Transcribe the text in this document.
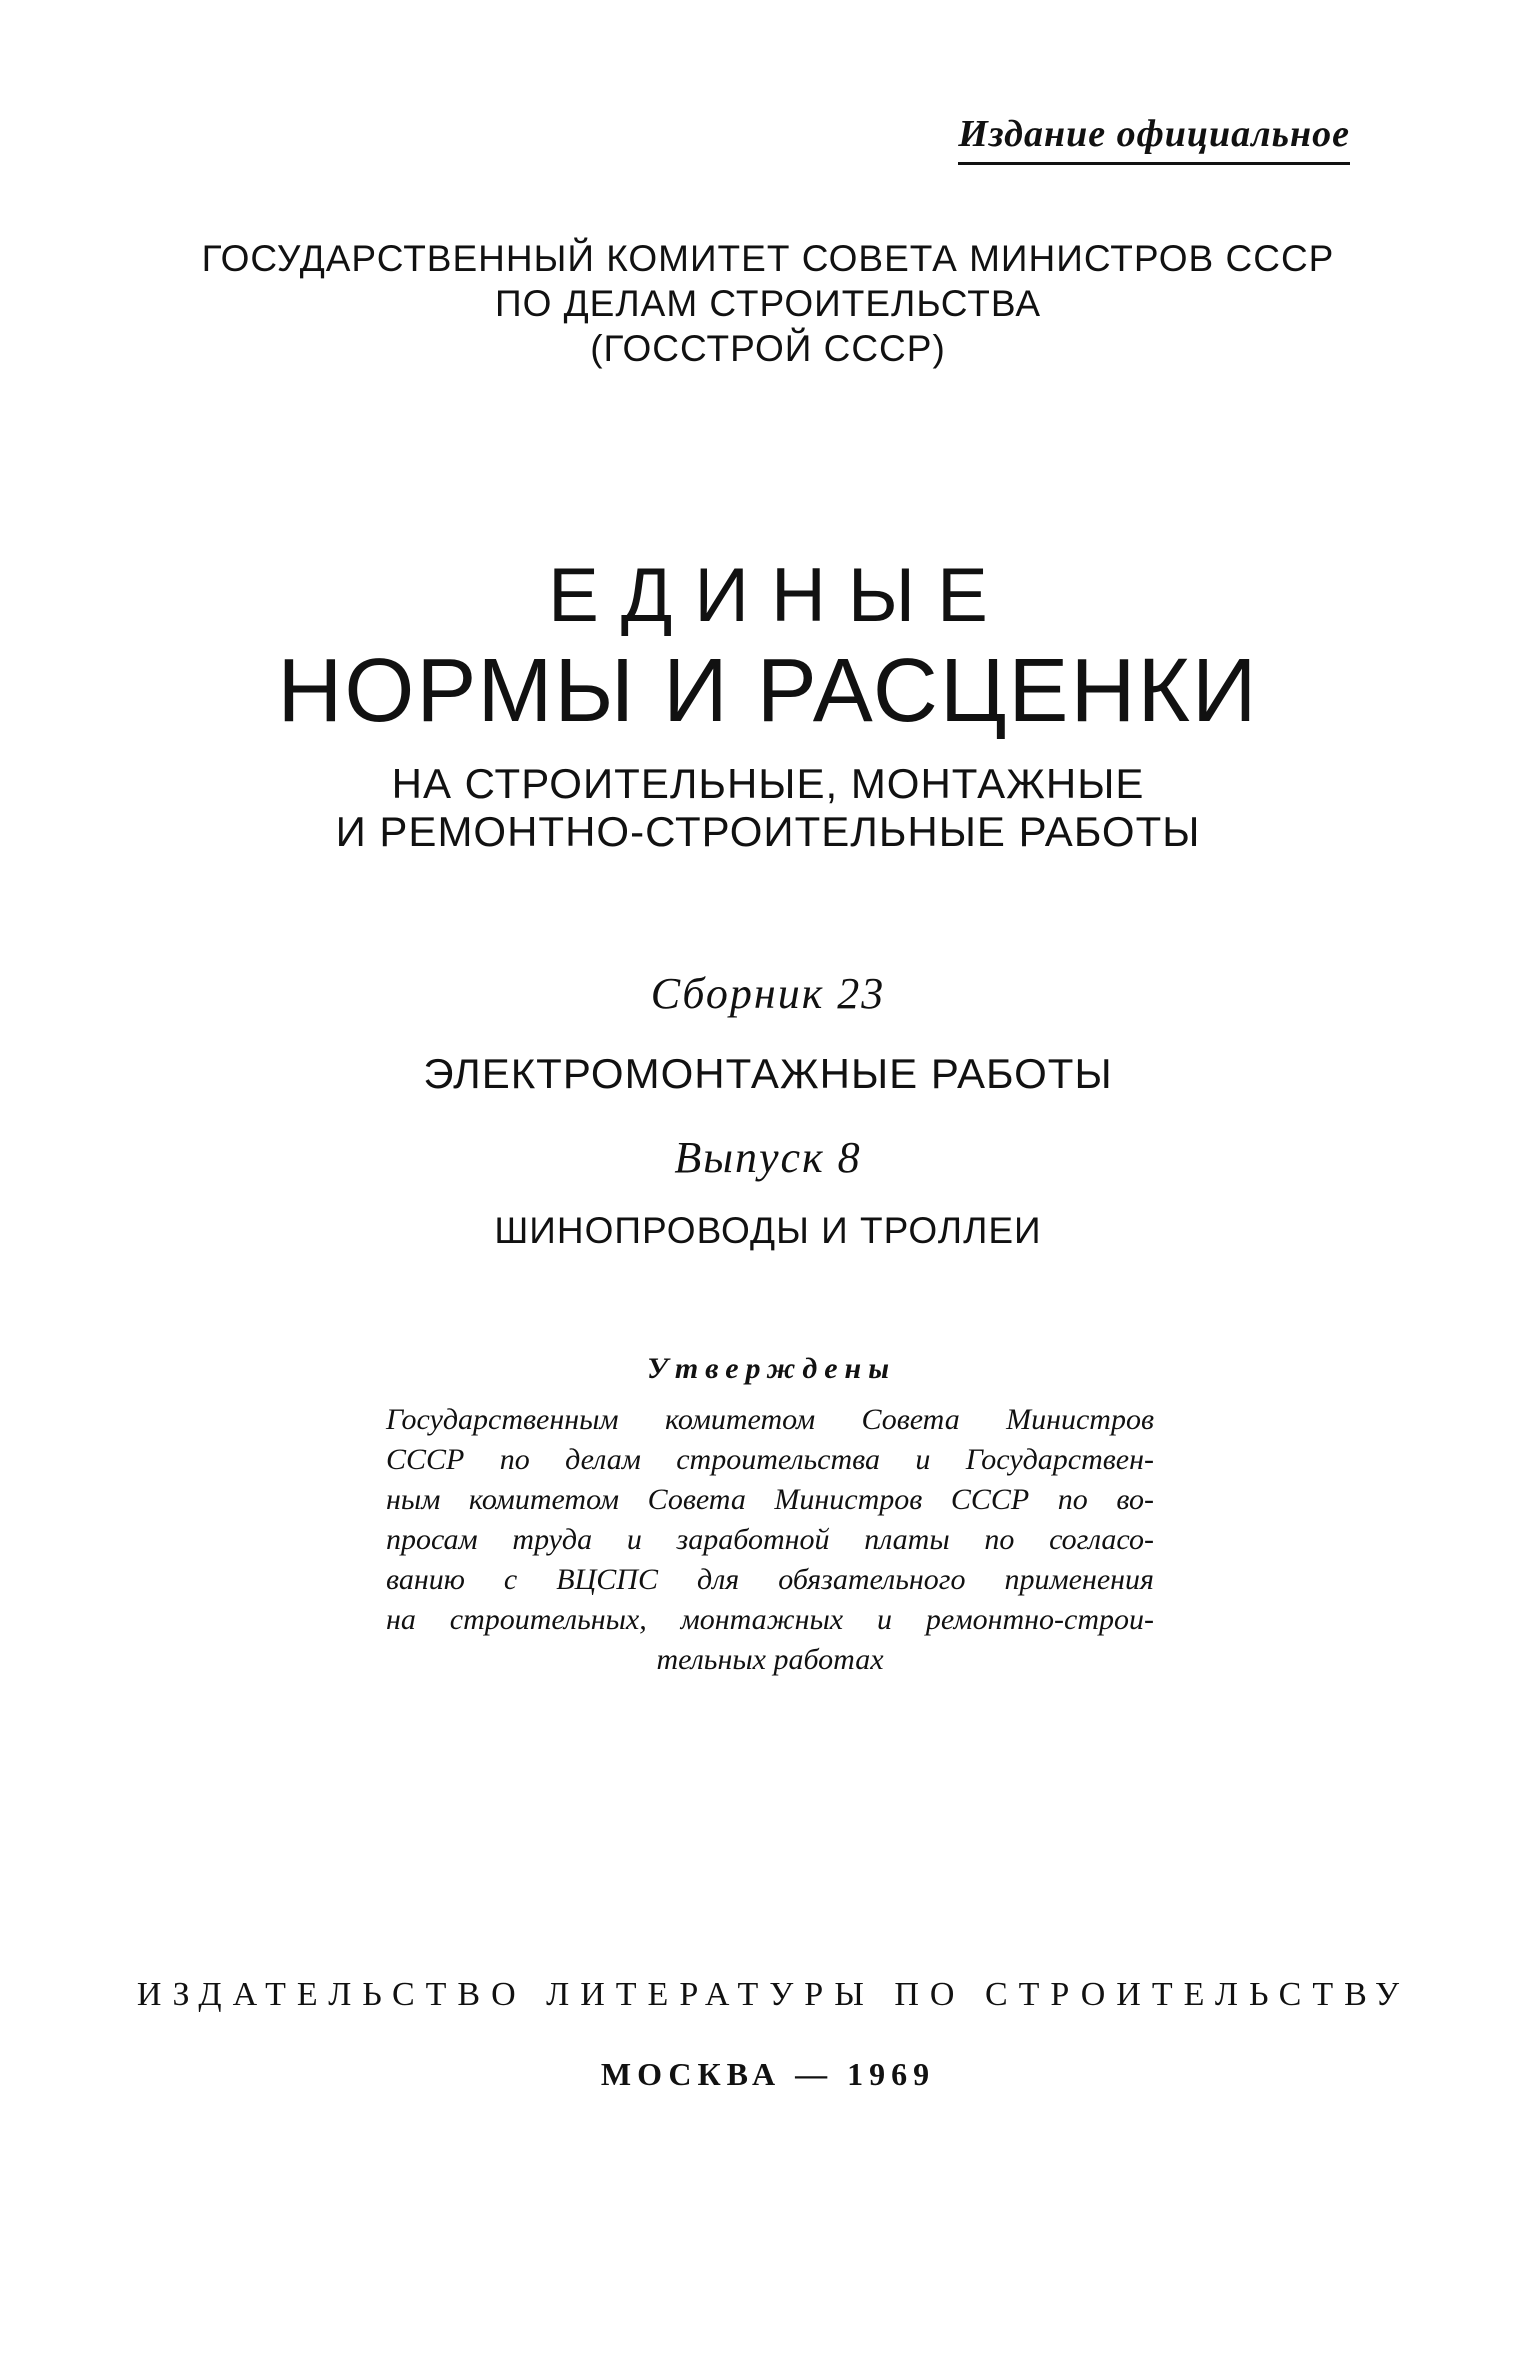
Издание официальное
ГОСУДАРСТВЕННЫЙ КОМИТЕТ СОВЕТА МИНИСТРОВ СССР
ПО ДЕЛАМ СТРОИТЕЛЬСТВА
(ГОССТРОЙ СССР)
ЕДИНЫЕ
НОРМЫ И РАСЦЕНКИ
НА СТРОИТЕЛЬНЫЕ, МОНТАЖНЫЕ
И РЕМОНТНО-СТРОИТЕЛЬНЫЕ РАБОТЫ
Сборник 23
ЭЛЕКТРОМОНТАЖНЫЕ РАБОТЫ
Выпуск 8
ШИНОПРОВОДЫ И ТРОЛЛЕИ
Утверждены
Государственным комитетом Совета Министров
СССР по делам строительства и Государствен-
ным комитетом Совета Министров СССР по во-
просам труда и заработной платы по согласо-
ванию с ВЦСПС для обязательного применения
на строительных, монтажных и ремонтно-строи-
тельных работах
ИЗДАТЕЛЬСТВО ЛИТЕРАТУРЫ ПО СТРОИТЕЛЬСТВУ
МОСКВА — 1969
